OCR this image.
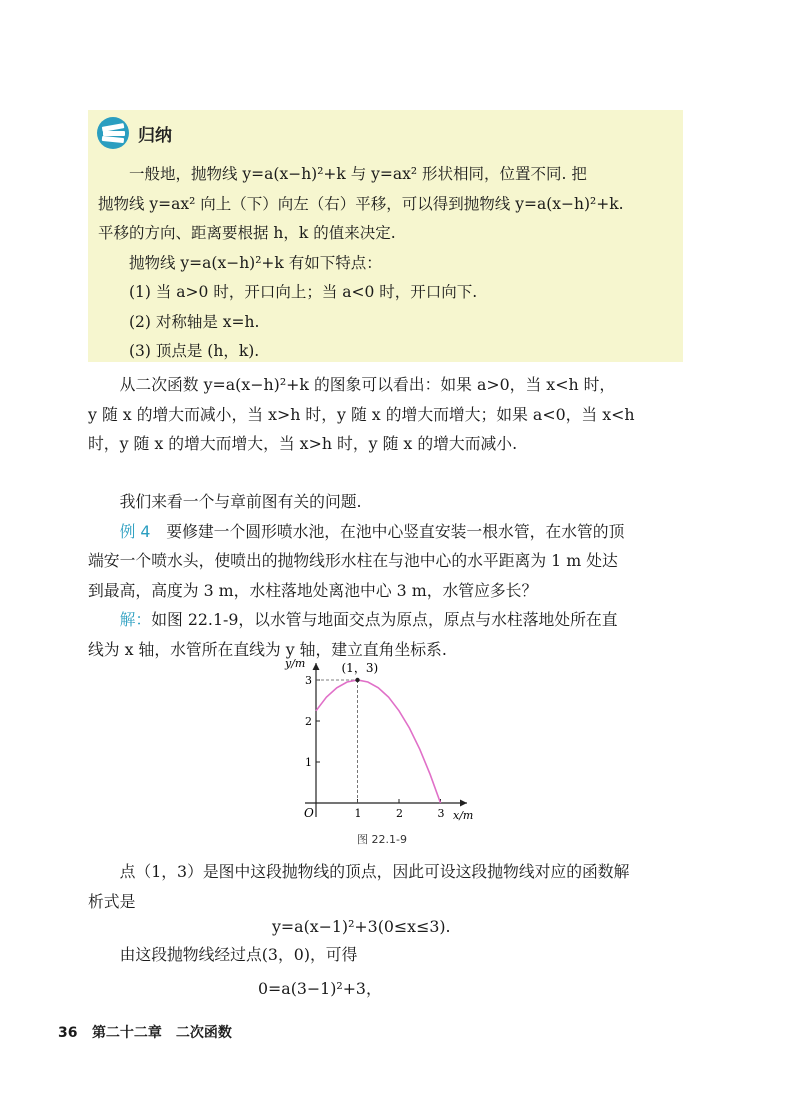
归纳

一般地，抛物线 y=a(x−h)²+k 与 y=ax² 形状相同，位置不同. 把

抛物线 y=ax² 向上（下）向左（右）平移，可以得到抛物线 y=a(x−h)²+k.

平移的方向、距离要根据 h，k 的值来决定.

抛物线 y=a(x−h)²+k 有如下特点：

(1) 当 a>0 时，开口向上；当 a<0 时，开口向下.

(2) 对称轴是 x=h.

(3) 顶点是 (h，k).

从二次函数 y=a(x−h)²+k 的图象可以看出：如果 a>0，当 x<h 时，

y 随 x 的增大而减小，当 x>h 时，y 随 x 的增大而增大；如果 a<0，当 x<h

时，y 随 x 的增大而增大，当 x>h 时，y 随 x 的增大而减小.

我们来看一个与章前图有关的问题.

例 4　 要修建一个圆形喷水池，在池中心竖直安装一根水管，在水管的顶

端安一个喷水头，使喷出的抛物线形水柱在与池中心的水平距离为 1 m 处达

到最高，高度为 3 m，水柱落地处离池中心 3 m，水管应多长？

解：如图 22.1-9，以水管与地面交点为原点，原点与水柱落地处所在直

线为 x 轴，水管所在直线为 y 轴，建立直角坐标系.

1	2	3
1
2
3
(1，3)
y/m
x/m
O
图 22.1-9

点（1，3）是图中这段抛物线的顶点，因此可设这段抛物线对应的函数解

析式是

y=a(x−1)²+3(0≤x≤3).

由这段抛物线经过点(3，0)，可得

0=a(3−1)²+3，
36 第二十二章　二次函数
